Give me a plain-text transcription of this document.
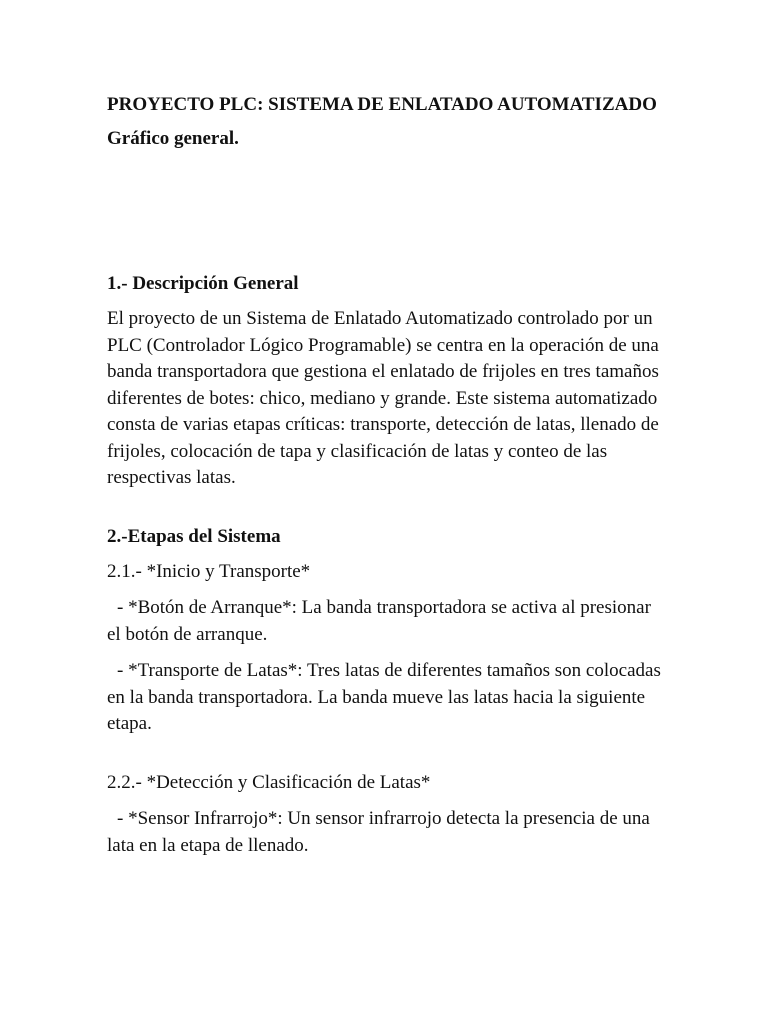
PROYECTO PLC: SISTEMA DE ENLATADO AUTOMATIZADO

Gráfico general.

1.- Descripción General

El proyecto de un Sistema de Enlatado Automatizado controlado por un PLC (Controlador Lógico Programable) se centra en la operación de una banda transportadora que gestiona el enlatado de frijoles en tres tamaños diferentes de botes: chico, mediano y grande. Este sistema automatizado consta de varias etapas críticas: transporte, detección de latas, llenado de frijoles, colocación de tapa y clasificación de latas y conteo de las respectivas latas.

2.-Etapas del Sistema

2.1.- *Inicio y Transporte*

- *Botón de Arranque*: La banda transportadora se activa al presionar el botón de arranque.

- *Transporte de Latas*: Tres latas de diferentes tamaños son colocadas en la banda transportadora. La banda mueve las latas hacia la siguiente etapa.

2.2.- *Detección y Clasificación de Latas*

- *Sensor Infrarrojo*: Un sensor infrarrojo detecta la presencia de una lata en la etapa de llenado.
